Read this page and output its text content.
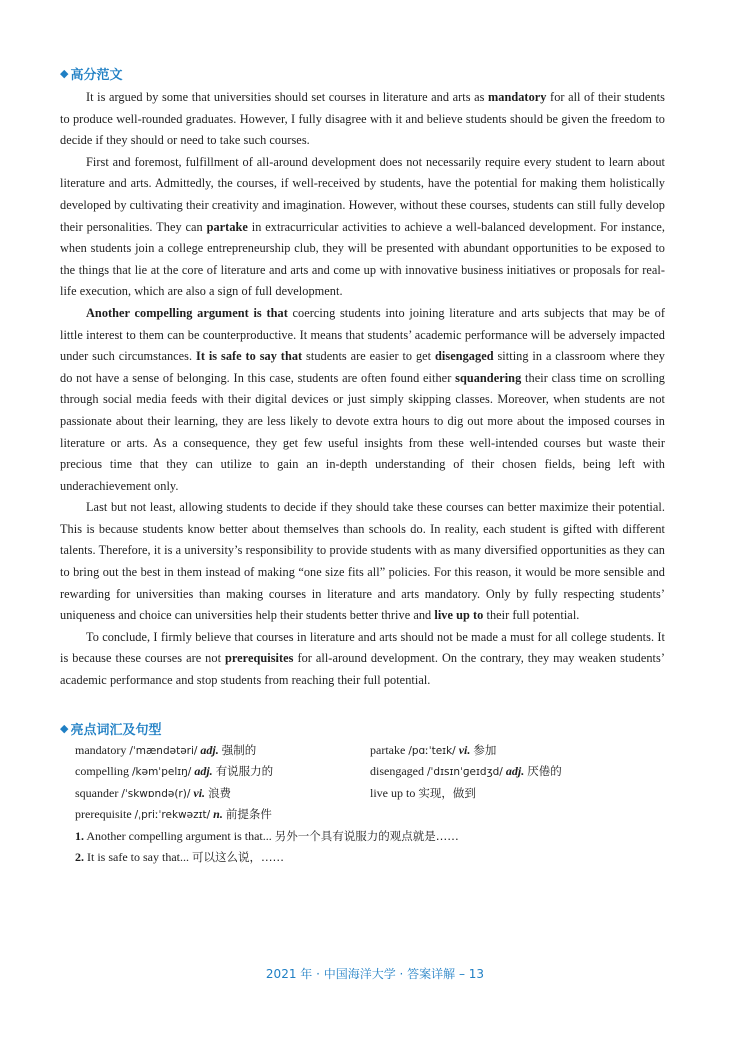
◆ 高分范文

It is argued by some that universities should set courses in literature and arts as mandatory for all of their students to produce well-rounded graduates. However, I fully disagree with it and believe students should be given the freedom to decide if they should or need to take such courses.

First and foremost, fulfillment of all-around development does not necessarily require every student to learn about literature and arts. Admittedly, the courses, if well-received by students, have the potential for making them holistically developed by cultivating their creativity and imagination. However, without these courses, students can still fully develop their personalities. They can partake in extracurricular activities to achieve a well-balanced development. For instance, when students join a college entrepreneurship club, they will be presented with abundant opportunities to be exposed to the things that lie at the core of literature and arts and come up with innovative business initiatives or proposals for real-life execution, which are also a sign of full development.

Another compelling argument is that coercing students into joining literature and arts subjects that may be of little interest to them can be counterproductive. It means that students’ academic performance will be adversely impacted under such circumstances. It is safe to say that students are easier to get disengaged sitting in a classroom where they do not have a sense of belonging. In this case, students are often found either squandering their class time on scrolling through social media feeds with their digital devices or just simply skipping classes. Moreover, when students are not passionate about their learning, they are less likely to devote extra hours to dig out more about the imposed courses in literature or arts. As a consequence, they get few useful insights from these well-intended courses but waste their precious time that they can utilize to gain an in-depth understanding of their chosen fields, being left with underachievement only.

Last but not least, allowing students to decide if they should take these courses can better maximize their potential. This is because students know better about themselves than schools do. In reality, each student is gifted with different talents. Therefore, it is a university’s responsibility to provide students with as many diversified opportunities as they can to bring out the best in them instead of making “one size fits all” policies. For this reason, it would be more sensible and rewarding for universities than making courses in literature and arts mandatory. Only by fully respecting students’ uniqueness and choice can universities help their students better thrive and live up to their full potential.

To conclude, I firmly believe that courses in literature and arts should not be made a must for all college students. It is because these courses are not prerequisites for all-around development. On the contrary, they may weaken students’ academic performance and stop students from reaching their full potential.

◆ 亮点词汇及句型
mandatory /ˈmændətəri/ adj. 强制的	partake /pɑːˈteɪk/ vi. 参加
compelling /kəmˈpelɪŋ/ adj. 有说服力的	disengaged /ˈdɪsɪnˈɡeɪdʒd/ adj. 厌倦的
squander /ˈskwɒndə(r)/ vi. 浪费	live up to 实现，做到
prerequisite /ˌpriːˈrekwəzɪt/ n. 前提条件
1. Another compelling argument is that... 另外一个具有说服力的观点就是……
2. It is safe to say that... 可以这么说，……
2021 年 · 中国海洋大学 · 答案详解 – 13
